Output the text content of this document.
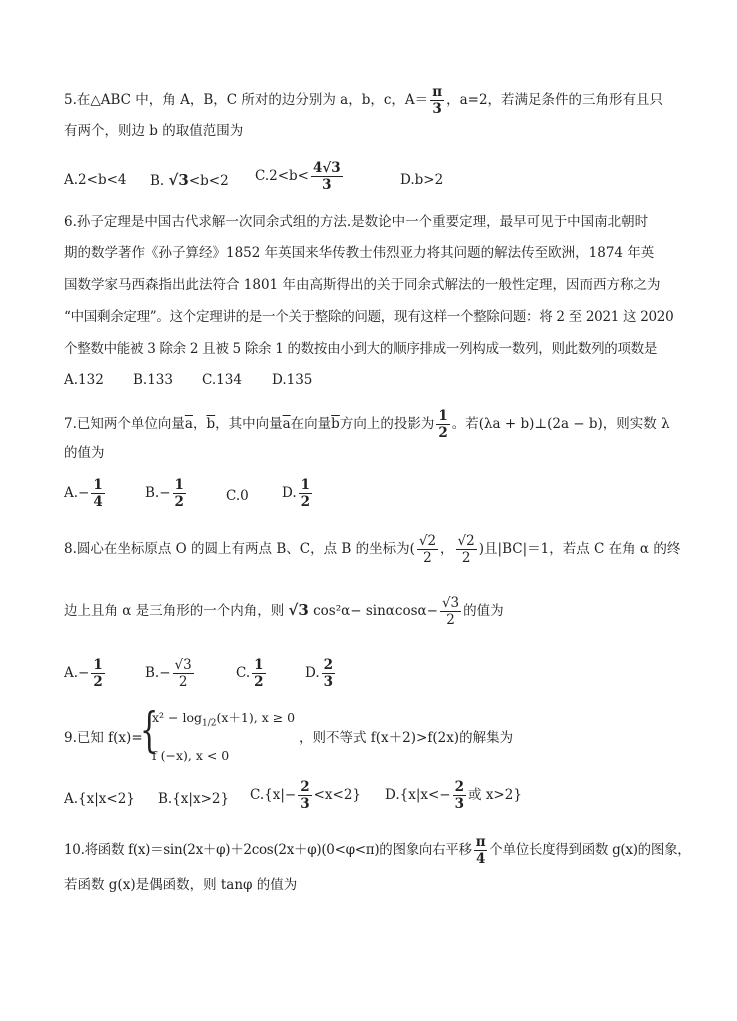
5.在△ABC 中，角 A，B，C 所对的边分别为 a，b，c，$A= \frac{\pi}{3}$ ，a=2，若满足条件的三角形有且只
有两个，则边 b 的取值范围为
A.2<b<4 B. √3<b<2 $C.2<b< \frac{4√3}{3}$	D.b>2
6.孙子定理是中国古代求解一次同余式组的方法.是数论中一个重要定理，最早可见于中国南北朝时
期的数学著作《孙子算经》1852 年英国来华传教士伟烈亚力将其问题的解法传至欧洲，1874 年英
国数学家马西森指出此法符合 1801 年由高斯得出的关于同余式解法的一般性定理，因而西方称之为
“中国剩余定理”。这个定理讲的是一个关于整除的问题，现有这样一个整除问题：将 2 至 2021 这 2020
个整数中能被 3 除余 2 且被 5 除余 1 的数按由小到大的顺序排成一列构成一数列，则此数列的项数是
A.132 B.133 C.134 D.135
7.已知两个单位向量$\overline{a}$，$\overline{b}$，其中向量$\overline{a}$在向量$\overline{b}$方向上的投影为 $\frac{1}{2}$ 。若(λa + b)⊥(2a − b)，则实数 λ
的值为
$A.- \frac{1}{4}$	$B.- \frac{1}{2}$	C.0 D. $\frac{1}{2}$
8.圆心在坐标原点 O 的圆上有两点 B、C，点 B 的坐标为( $\frac{√2}{2}$ ， $\frac{√2}{2}$ )且|BC|＝1，若点 C 在角 α 的终
边上且角 α 是三角形的一个内角，则 √3 $\cos^2\alpha- \sin\alpha\cos\alpha- \frac{√3}{2}$ 的值为
$A.- \frac{1}{2}$	$B.- \frac{√3}{2}$	C. $\frac{1}{2}$	D. $\frac{2}{3}$
9.已知 f(x)=
{
$x^2 - \log_{1/2}(x+1)$, x ≥ 0
f (−x), x < 0
，则不等式 f(x＋2)>f(2x)的解集为
A.{x|x<2} B.{x|x>2} $C.\{x|- \frac{2}{3} <x<2\}$ $D.\{x|x<- \frac{2}{3}$ 或 x>2}
10.将函数 f(x)＝sin(2x＋φ)＋2cos(2x＋φ)(0<φ<π)的图象向右平移 $\frac{\pi}{4}$ 个单位长度得到函数 g(x)的图象，
若函数 g(x)是偶函数，则 tanφ 的值为
